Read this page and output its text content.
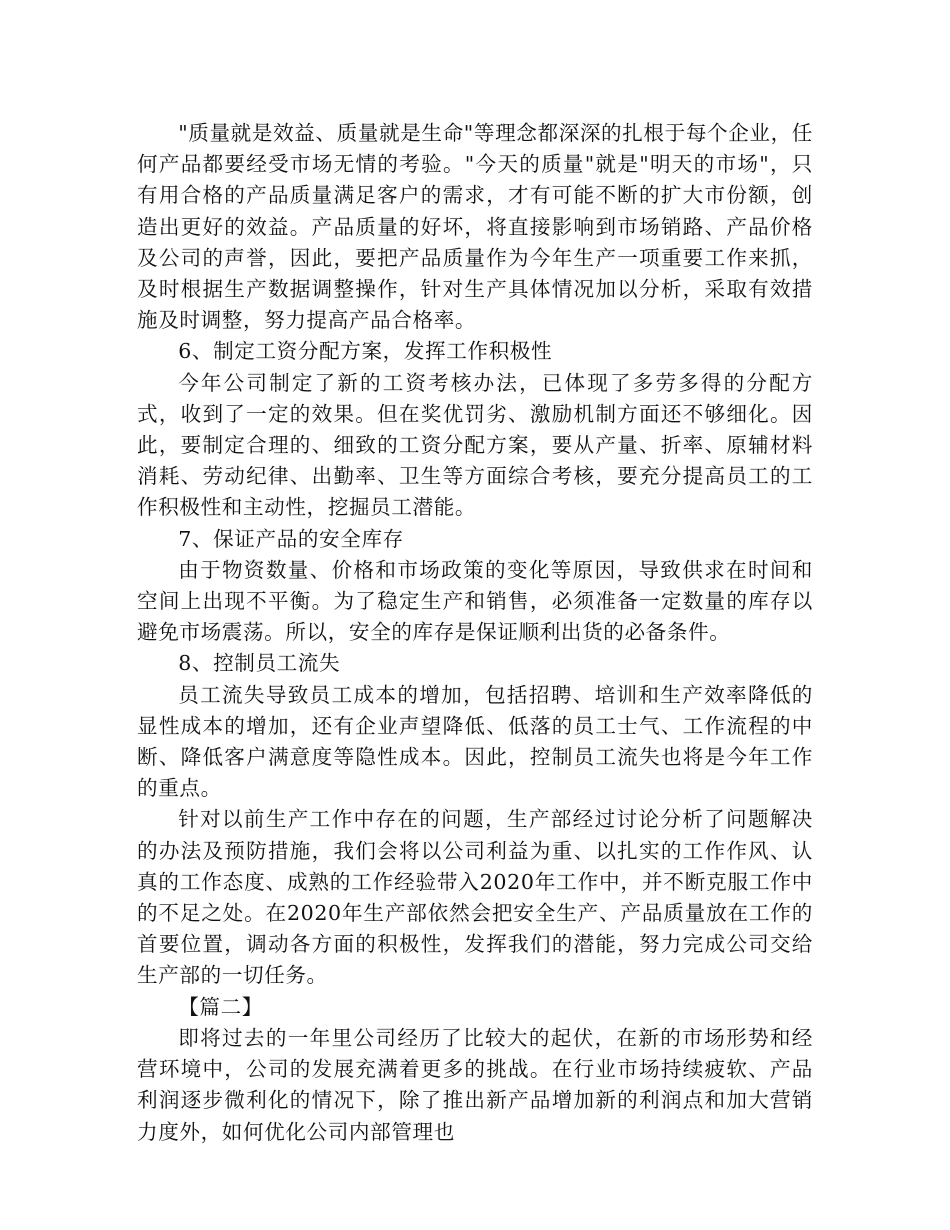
"质量就是效益、质量就是生命"等理念都深深的扎根于每个企业，任何产品都要经受市场无情的考验。"今天的质量"就是"明天的市场"，只有用合格的产品质量满足客户的需求，才有可能不断的扩大市份额，创造出更好的效益。产品质量的好坏，将直接影响到市场销路、产品价格及公司的声誉，因此，要把产品质量作为今年生产一项重要工作来抓，及时根据生产数据调整操作，针对生产具体情况加以分析，采取有效措施及时调整，努力提高产品合格率。

6、制定工资分配方案，发挥工作积极性

今年公司制定了新的工资考核办法，已体现了多劳多得的分配方式，收到了一定的效果。但在奖优罚劣、激励机制方面还不够细化。因此，要制定合理的、细致的工资分配方案，要从产量、折率、原辅材料消耗、劳动纪律、出勤率、卫生等方面综合考核，要充分提高员工的工作积极性和主动性，挖掘员工潜能。

7、保证产品的安全库存

由于物资数量、价格和市场政策的变化等原因，导致供求在时间和空间上出现不平衡。为了稳定生产和销售，必须准备一定数量的库存以避免市场震荡。所以，安全的库存是保证顺利出货的必备条件。

8、控制员工流失

员工流失导致员工成本的增加，包括招聘、培训和生产效率降低的显性成本的增加，还有企业声望降低、低落的员工士气、工作流程的中断、降低客户满意度等隐性成本。因此，控制员工流失也将是今年工作的重点。

针对以前生产工作中存在的问题，生产部经过讨论分析了问题解决的办法及预防措施，我们会将以公司利益为重、以扎实的工作作风、认真的工作态度、成熟的工作经验带入2020年工作中，并不断克服工作中的不足之处。在2020年生产部依然会把安全生产、产品质量放在工作的首要位置，调动各方面的积极性，发挥我们的潜能，努力完成公司交给生产部的一切任务。

【篇二】

即将过去的一年里公司经历了比较大的起伏，在新的市场形势和经营环境中，公司的发展充满着更多的挑战。在行业市场持续疲软、产品利润逐步微利化的情况下，除了推出新产品增加新的利润点和加大营销力度外，如何优化公司内部管理也
